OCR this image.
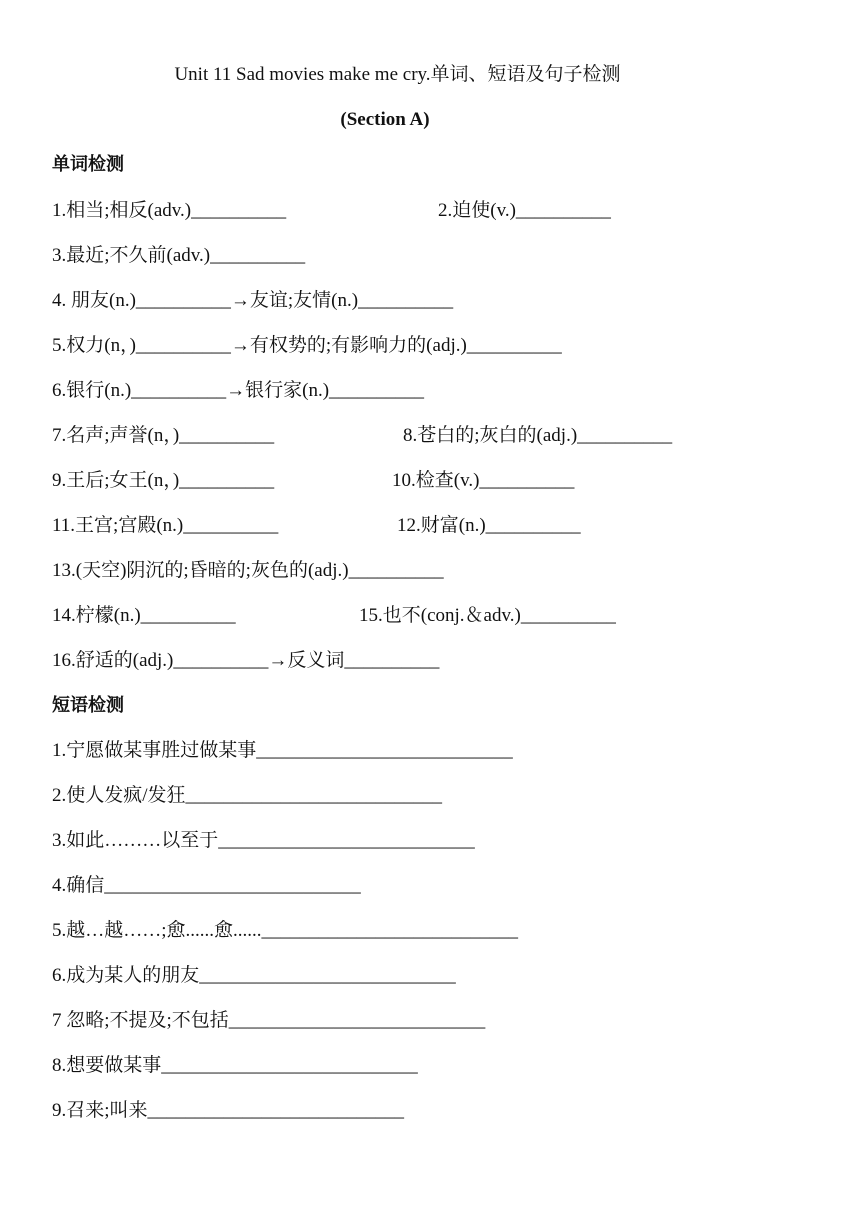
Unit 11 Sad movies make me cry.单词、短语及句子检测
(Section A)
单词检测
1.相当;相反(adv.)__________	2.迫使(v.)__________
3.最近;不久前(adv.)__________
4. 朋友(n.)__________→友谊;友情(n.)__________
5.权力(n，)__________→有权势的;有影响力的(adj.)__________
6.银行(n.)__________→银行家(n.)__________
7.名声;声誉(n，)__________	8.苍白的;灰白的(adj.)__________
9.王后;女王(n，)__________	10.检查(v.)__________
11.王宫;宫殿(n.)__________	12.财富(n.)__________
13.(天空)阴沉的;昏暗的;灰色的(adj.)__________
14.柠檬(n.)__________	15.也不(conj.＆adv.)__________
16.舒适的(adj.)__________→反义词__________
短语检测
1.宁愿做某事胜过做某事___________________________
2.使人发疯/发狂___________________________
3.如此………以至于___________________________
4.确信___________________________
5.越…越……;愈......愈......___________________________
6.成为某人的朋友___________________________
7 忽略;不提及;不包括___________________________
8.想要做某事___________________________
9.召来;叫来___________________________
